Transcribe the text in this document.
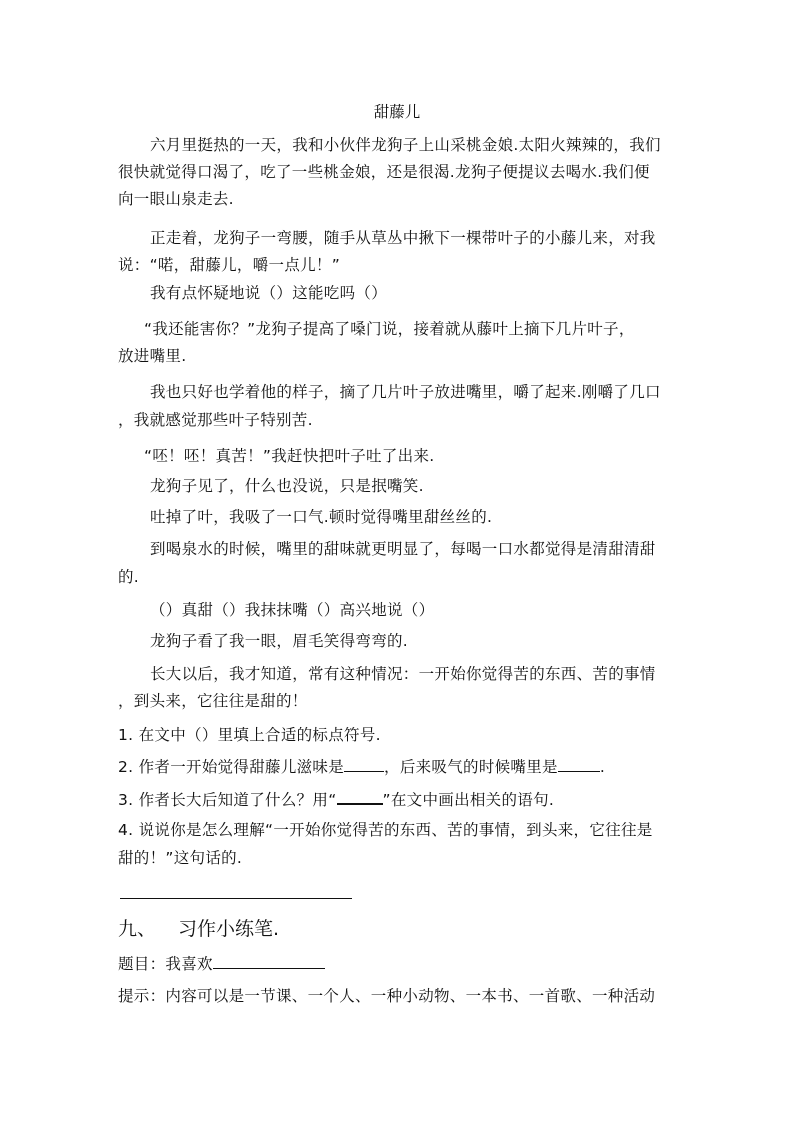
甜藤儿
六月里挺热的一天，我和小伙伴龙狗子上山采桃金娘.太阳火辣辣的，我们
很快就觉得口渴了，吃了一些桃金娘，还是很渴.龙狗子便提议去喝水.我们便
向一眼山泉走去.
正走着，龙狗子一弯腰，随手从草丛中揪下一棵带叶子的小藤儿来，对我
说：“喏，甜藤儿，嚼一点儿！”
我有点怀疑地说（）这能吃吗（）
“我还能害你？”龙狗子提高了嗓门说，接着就从藤叶上摘下几片叶子，
放进嘴里.
我也只好也学着他的样子，摘了几片叶子放进嘴里，嚼了起来.刚嚼了几口
，我就感觉那些叶子特别苦.
“呸！呸！真苦！”我赶快把叶子吐了出来.
龙狗子见了，什么也没说，只是抿嘴笑.
吐掉了叶，我吸了一口气.顿时觉得嘴里甜丝丝的.
到喝泉水的时候，嘴里的甜味就更明显了，每喝一口水都觉得是清甜清甜
的.
（）真甜（）我抹抹嘴（）高兴地说（）
龙狗子看了我一眼，眉毛笑得弯弯的.
长大以后，我才知道，常有这种情况：一开始你觉得苦的东西、苦的事情
，到头来，它往往是甜的！
1. 在文中（）里填上合适的标点符号.
2. 作者一开始觉得甜藤儿滋味是	，后来吸气的时候嘴里是	.
3. 作者长大后知道了什么？用“	”在文中画出相关的语句.
4. 说说你是怎么理解“一开始你觉得苦的东西、苦的事情，到头来，它往往是
甜的！”这句话的.
九、 习作小练笔.
题目：我喜欢
提示：内容可以是一节课、一个人、一种小动物、一本书、一首歌、一种活动
